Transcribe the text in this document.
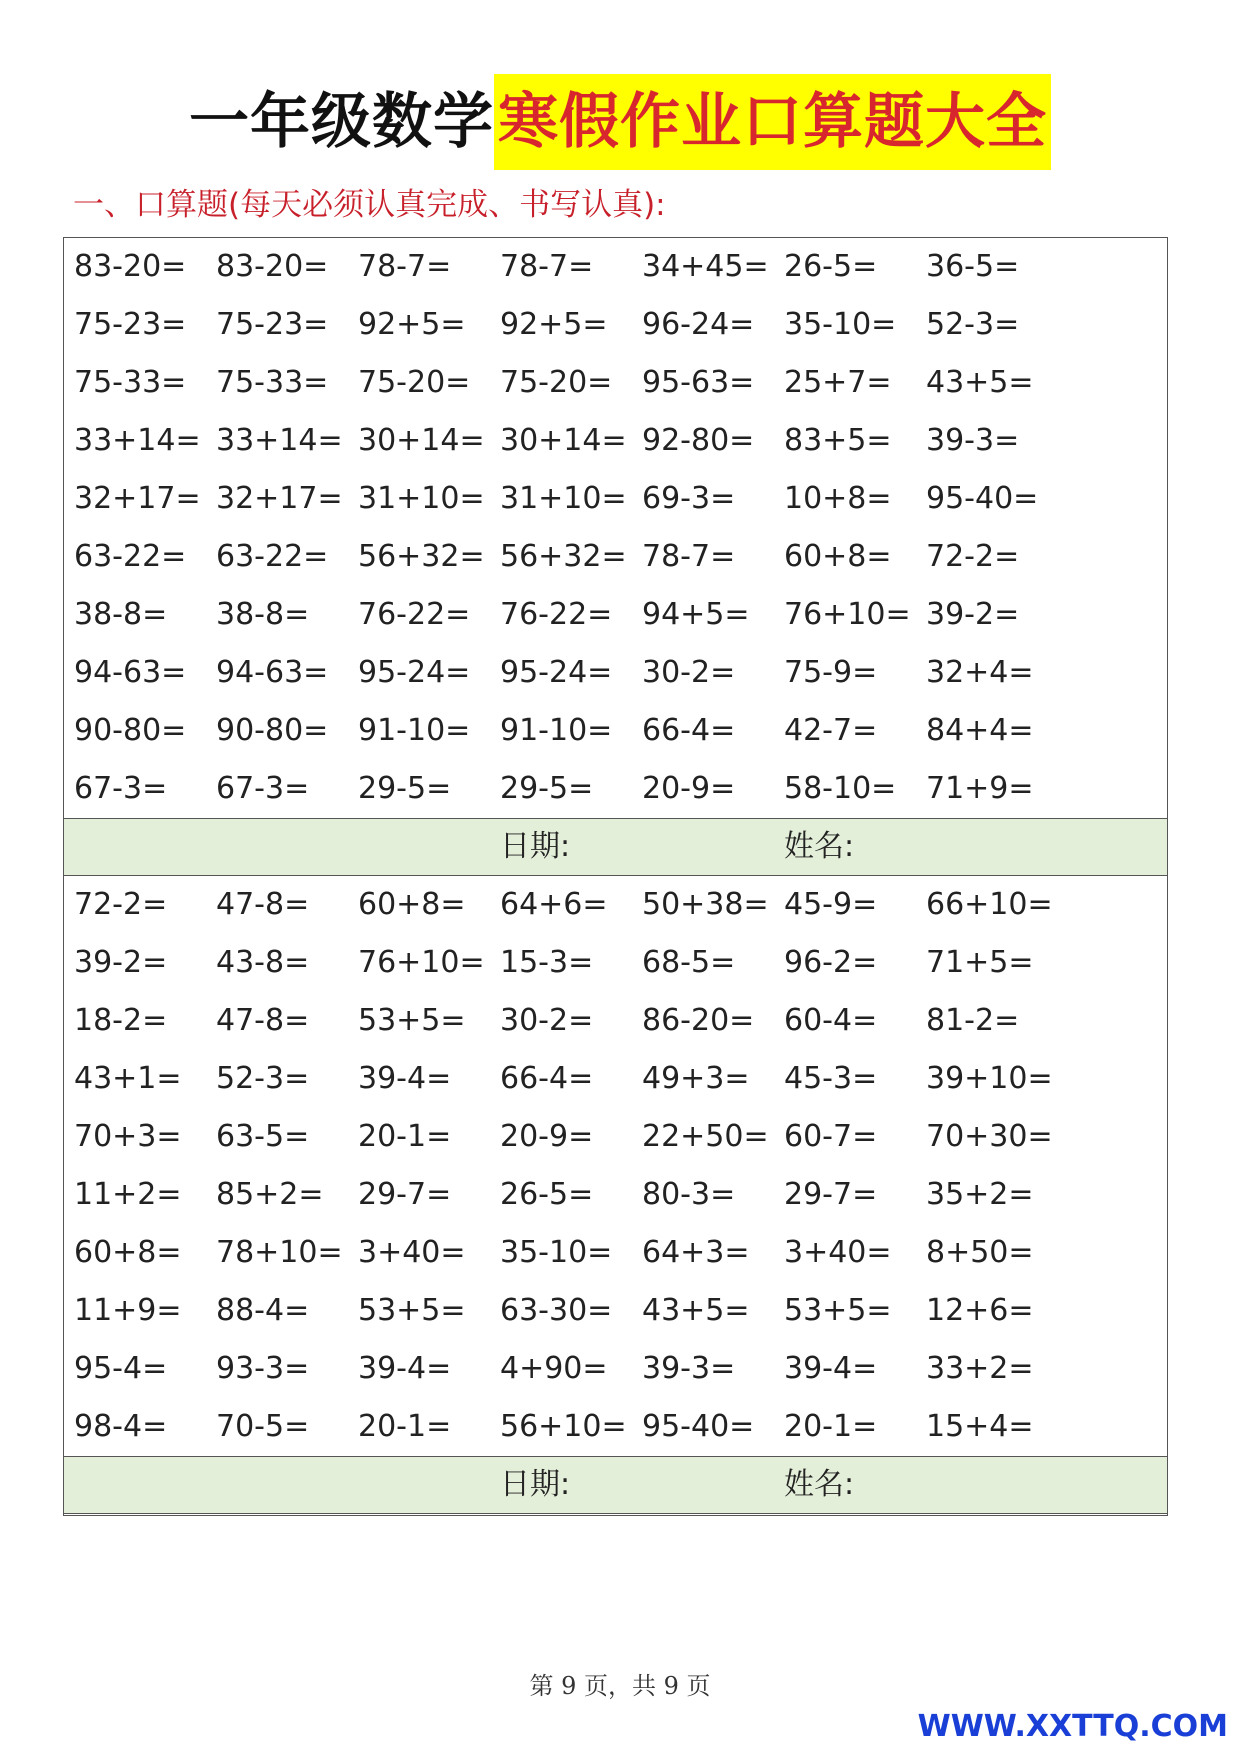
一年级数学 寒假作业口算题大全
一、口算题(每天必须认真完成、书写认真):
83-20= 83-20= 78-7= 78-7= 34+45= 26-5= 36-5=
75-23= 75-23= 92+5= 92+5= 96-24= 35-10= 52-3=
75-33= 75-33= 75-20= 75-20= 95-63= 25+7= 43+5=
33+14= 33+14= 30+14= 30+14= 92-80= 83+5= 39-3=
32+17= 32+17= 31+10= 31+10= 69-3= 10+8= 95-40=
63-22= 63-22= 56+32= 56+32= 78-7= 60+8= 72-2=
38-8= 38-8= 76-22= 76-22= 94+5= 76+10= 39-2=
94-63= 94-63= 95-24= 95-24= 30-2= 75-9= 32+4=
90-80= 90-80= 91-10= 91-10= 66-4= 42-7= 84+4=
67-3= 67-3= 29-5= 29-5= 20-9= 58-10= 71+9=
日期:	姓名:
72-2= 47-8= 60+8= 64+6= 50+38= 45-9= 66+10=
39-2= 43-8= 76+10= 15-3= 68-5= 96-2= 71+5=
18-2= 47-8= 53+5= 30-2= 86-20= 60-4= 81-2=
43+1= 52-3= 39-4= 66-4= 49+3= 45-3= 39+10=
70+3= 63-5= 20-1= 20-9= 22+50= 60-7= 70+30=
11+2= 85+2= 29-7= 26-5= 80-3= 29-7= 35+2=
60+8= 78+10= 3+40= 35-10= 64+3= 3+40= 8+50=
11+9= 88-4= 53+5= 63-30= 43+5= 53+5= 12+6=
95-4= 93-3= 39-4= 4+90= 39-3= 39-4= 33+2=
98-4= 70-5= 20-1= 56+10= 95-40= 20-1= 15+4=
日期:	姓名:
第 9 页，共 9 页
WWW.XXTTQ.COM
